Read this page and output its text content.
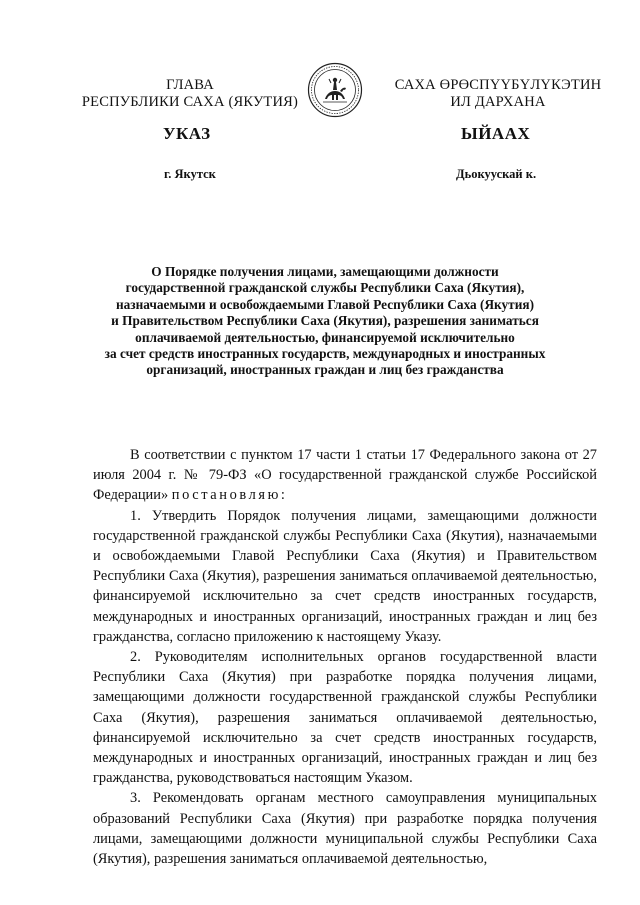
ГЛАВА
РЕСПУБЛИКИ САХА (ЯКУТИЯ)
САХА ӨРӨСПҮҮБҮЛҮКЭТИН
ИЛ ДАРХАНА
УКАЗ	ЫЙААХ
г. Якутск	Дьокуускай к.
О Порядке получения лицами, замещающими должности
государственной гражданской службы Республики Саха (Якутия),
назначаемыми и освобождаемыми Главой Республики Саха (Якутия)
и Правительством Республики Саха (Якутия), разрешения заниматься
оплачиваемой деятельностью, финансируемой исключительно
за счет средств иностранных государств, международных и иностранных
организаций, иностранных граждан и лиц без гражданства

В соответствии с пунктом 17 части 1 статьи 17 Федерального закона от 27 июля 2004 г. № 79-ФЗ «О государственной гражданской службе Российской Федерации» постановляю:

1. Утвердить Порядок получения лицами, замещающими должности государственной гражданской службы Республики Саха (Якутия), назначаемыми и освобождаемыми Главой Республики Саха (Якутия) и Правительством Республики Саха (Якутия), разрешения заниматься оплачиваемой деятельностью, финансируемой исключительно за счет средств иностранных государств, международных и иностранных организаций, иностранных граждан и лиц без гражданства, согласно приложению к настоящему Указу.

2. Руководителям исполнительных органов государственной власти Республики Саха (Якутия) при разработке порядка получения лицами, замещающими должности государственной гражданской службы Республики Саха (Якутия), разрешения заниматься оплачиваемой деятельностью, финансируемой исключительно за счет средств иностранных государств, международных и иностранных организаций, иностранных граждан и лиц без гражданства, руководствоваться настоящим Указом.

3. Рекомендовать органам местного самоуправления муниципальных образований Республики Саха (Якутия) при разработке порядка получения лицами, замещающими должности муниципальной службы Республики Саха (Якутия), разрешения заниматься оплачиваемой деятельностью,
